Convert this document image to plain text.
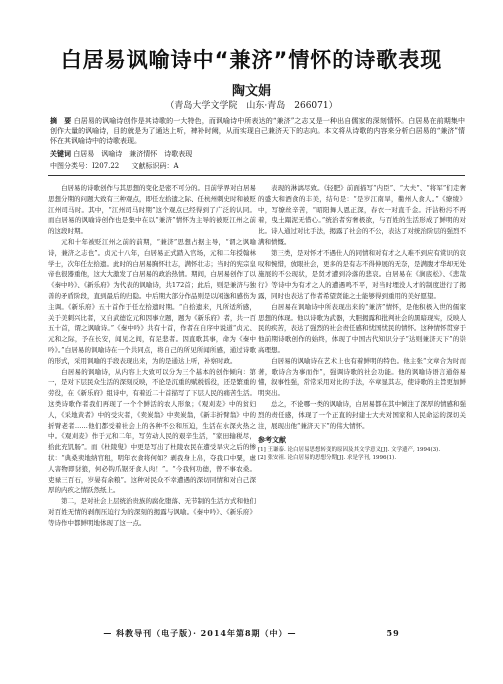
白居易讽喻诗中“兼济”情怀的诗歌表现
陶文娟
（青岛大学文学院　山东·青岛　266071）
摘　要 白居易的讽喻诗创作是其诗歌的一大特色，而讽喻诗中所表达的“兼济”之志又是一种出自儒家的深刻情怀。白居易在前期集中创作大量的讽喻诗，目的就是为了通达上听，裨补时阙，从而实现自己兼济天下的志向。本文将从诗歌的内容来分析白居易的“兼济”情怀在其讽喻诗中的诗歌表现。
关键词 白居易　讽喻诗　兼济情怀　诗歌表现
中图分类号：I207.22 文献标识码：A

白居易的诗歌创作与其思想的变化是密不可分的。目前学界对白居易思想分期的问题大致有三种观点，即任左拾遗之际、任杭州刺史时和被贬江州司马时。其中，“江州司马时期”这个观点已经得到了广泛的认同。而白居易的讽喻诗创作也是集中在以“兼济”情怀为主导的被贬江州之前的这段时期。

元和十年被贬江州之前的前期，“兼济”思想占据主导，“谓之讽喻诗，兼济之志也”。贞元十八年，白居易正式踏入官场，元和二年授翰林学士，次年任左拾遗。此时的白居易胸怀壮志，满怀壮志；当时的宪宗皇帝也很器重他，这大大激发了白居易的政治热情。期间，白居易创作了以《秦中吟》、《新乐府》为代表的讽喻诗，共172首；此后，则是兼济与独善的矛盾阶段，直到最后的归隐。中后期大部分作品则是以闲逸和感伤为主调。《新乐府》五十首作于任左拾遗时期。“自拾遗来，凡所适所感，关于美刺兴比者，又自武德讫元和因事立题，题为《新乐府》者，共一百五十首，谓之讽喻诗。”《秦中吟》共有十首，作者在自序中说道“贞元、元和之际，予在长安，闻见之间，有足悲者。因直歌其事，命为《秦中吟》。”白居易的讽喻诗在一个共同点，将自己的所见所闻所感，通过诗歌的形式，采用讽喻的手段表现出来，为的是通达上听，补察时政。

白居易的讽喻诗，从内容上大致可以分为三个基本的创作倾向：第一，是对下层民众生活的深刻反映，不论是沉重的赋税徭役，还是繁重的劳役，在《新乐府》组诗中，有着近二十首描写了下层人民的痛苦生活。这类诗歌作者我们再现了一个个鲜活的农人形象；《观刈麦》中的贫妇人，《采地黄者》中的受灾者，《卖炭翁》中卖炭翁，《新丰折臂翁》中的折臂老者……他们都受着社会上的各种不公和压迫，生活在水深火热之中。《观刈麦》作于元和二年，写劳动人民的艰辛生活，“家田输税尽，拾此充饥肠”。而《杜陵叟》中更是写出了杜陵农民在遭受旱灾之后的惨状：“典桑卖地纳官租，明年衣食将何如？剥我身上帛，夺我口中粟，虐人害物即豺狼，何必钩爪锯牙食人肉！”。“今我何功德，曾不事农桑。吏禄三百石，岁晏有余粮”。这种对民众不幸遭遇的深切同情和对自己深厚的内疚之情跃然纸上。

第二，是对社会上层统治贵族的腐化堕落、无节制的生活方式和他们对百姓无情的剥削压迫行为的深刻的揭露与讽喻。《秦中吟》、《新乐府》等诗作中都鲜明地体现了这一点。

表现的淋漓尽致。《轻肥》前面描写“内臣”、“大夫”、“将军”们走奢的盛大和酒食的丰美，结句是：“是岁江南旱，衢州人食人。”《缭绫》中，写缭丝辛苦，“昭阳舞人恩正深，春衣一对直千金。汗沾粉污不再着，曳土蹋泥无惜心。”统治者穷奢极欲，与百姓的生活形成了鲜明的对比。诗人通过对比手法，揭露了社会的不公，表达了对统治阶层的强烈不满和愤慨。

第三类，是对怀才不遇仕人的同情和对有才之人难不到应有赏识的哀叹和惋惜，放眼社会，更多的是有志不得伸展的无奈，是满腹才华却无处施展的不公现状，是贤才遭到冷落的悲哀。白居易在《涧底松》、《悲哉行》等诗中为有才之人的遭遇鸣不平，对当时埋没人才的制度进行了揭露，同时也表达了作者希望贤能之士能够得到重用的美好愿望。

白居易在讽喻诗中所表现出来的“兼济”情怀，是他积极入世的儒家思想的体现。他以诗歌为武器，大胆揭露和批判社会的黑暗现实，反映人民的疾苦，表达了强烈的社会责任感和忧国忧民的情怀。这种情怀贯穿于他前期诗歌创作的始终，体现了中国古代知识分子“达则兼济天下”的崇高理想。

白居易的讽喻诗在艺术上也有着鲜明的特色。他主张“文章合为时而著，歌诗合为事而作”，强调诗歌的社会功能。他的讽喻诗语言通俗易懂，叙事性强，常常采用对比的手法，卒章显其志，使诗歌的主旨更加鲜明突出。

总之，不论哪一类的讽喻诗，白居易都在其中倾注了深厚的情感和强烈的责任感，体现了一个正直的封建士大夫对国家和人民命运的深切关注，展现出他“兼济天下”的伟大情怀。

参考文献

[1] 王谦泰. 论白居易思想转变的原因及其文学意义[J]. 文学遗产, 1994(3).

[2] 张安祖. 论白居易的思想分期[J]. 求是学刊, 1996(1).

— 科教导刊（电子版）· 2014年第8期（中）—　　　　　　　　　　59
